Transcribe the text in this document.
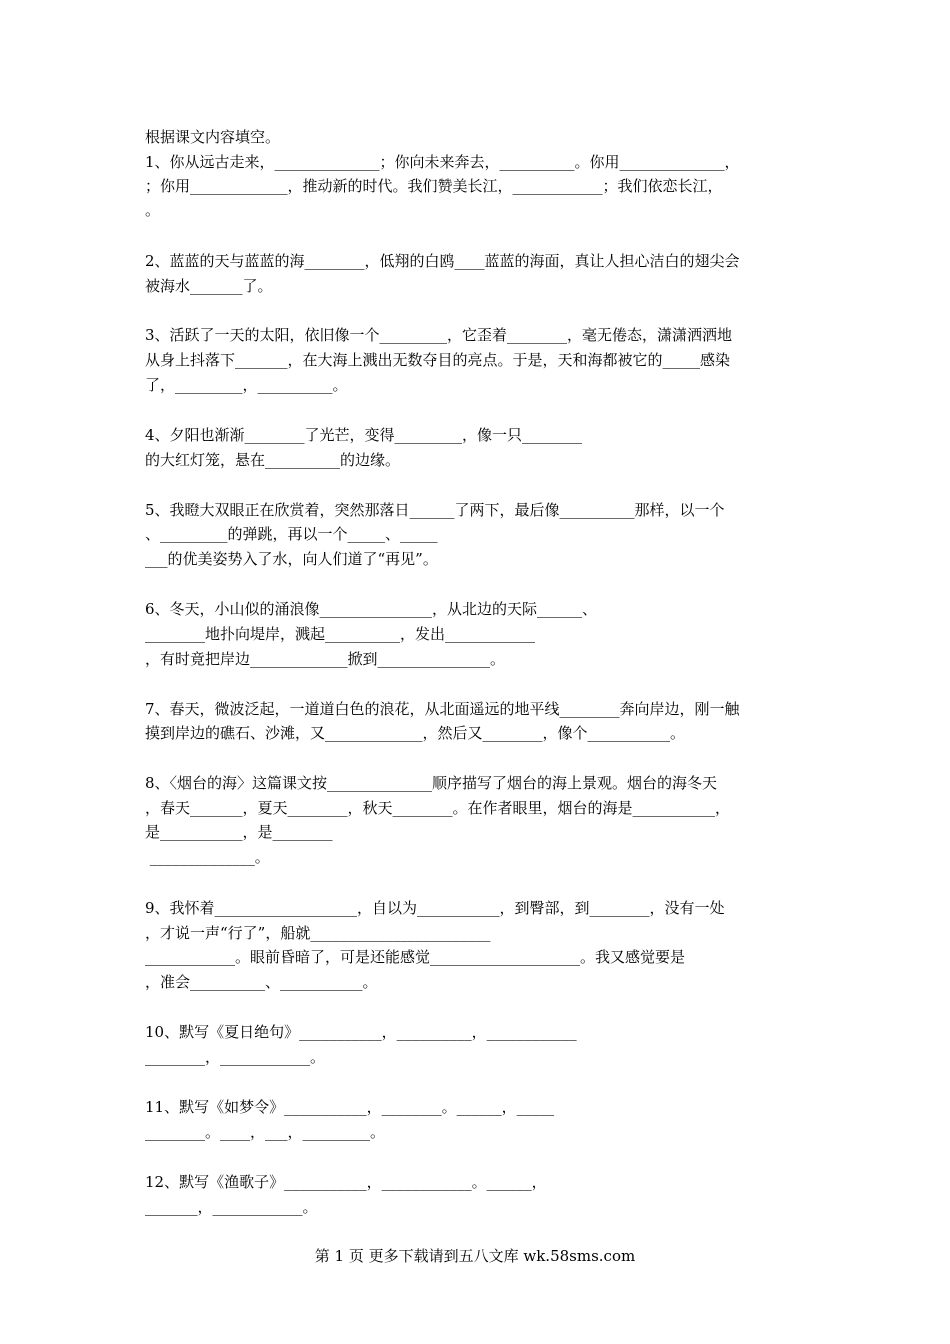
根据课文内容填空。
1、你从远古走来，______________；你向未来奔去，__________。你用______________，
；你用_____________，推动新的时代。我们赞美长江，____________；我们依恋长江，
。
2、蓝蓝的天与蓝蓝的海________，低翔的白鸥____蓝蓝的海面，真让人担心洁白的翅尖会
被海水_______了。
3、活跃了一天的太阳，依旧像一个_________，它歪着________，毫无倦态，潇潇洒洒地
从身上抖落下_______，在大海上溅出无数夺目的亮点。于是，天和海都被它的_____感染
了，_________，__________。
4、夕阳也渐渐________了光芒，变得_________，像一只________
的大红灯笼，悬在__________的边缘。
5、我瞪大双眼正在欣赏着，突然那落日______了两下，最后像__________那样，以一个
、_________的弹跳，再以一个_____、_____
___的优美姿势入了水，向人们道了“再见”。
6、冬天，小山似的涌浪像_______________，从北边的天际______、
________地扑向堤岸，溅起__________，发出____________
，有时竟把岸边_____________掀到_______________。
7、春天，微波泛起，一道道白色的浪花，从北面遥远的地平线________奔向岸边，刚一触
摸到岸边的礁石、沙滩，又_____________，然后又________，像个___________。
8、〈烟台的海〉这篇课文按______________顺序描写了烟台的海上景观。烟台的海冬天
，春天_______，夏天________，秋天________。在作者眼里，烟台的海是___________，
是___________，是________
______________。
9、我怀着___________________，自以为___________，到臀部，到________，没有一处
，才说一声“行了”，船就________________________
____________。眼前昏暗了，可是还能感觉____________________。我又感觉要是
，准会__________、___________。
10、默写《夏日绝句》___________，__________，____________
________，____________。
11、默写《如梦令》___________，________。______，_____
________。____，___，_________。
12、默写《渔歌子》___________，____________。______，
_______，____________。
第 1 页 更多下载请到五八文库 wk.58sms.com
